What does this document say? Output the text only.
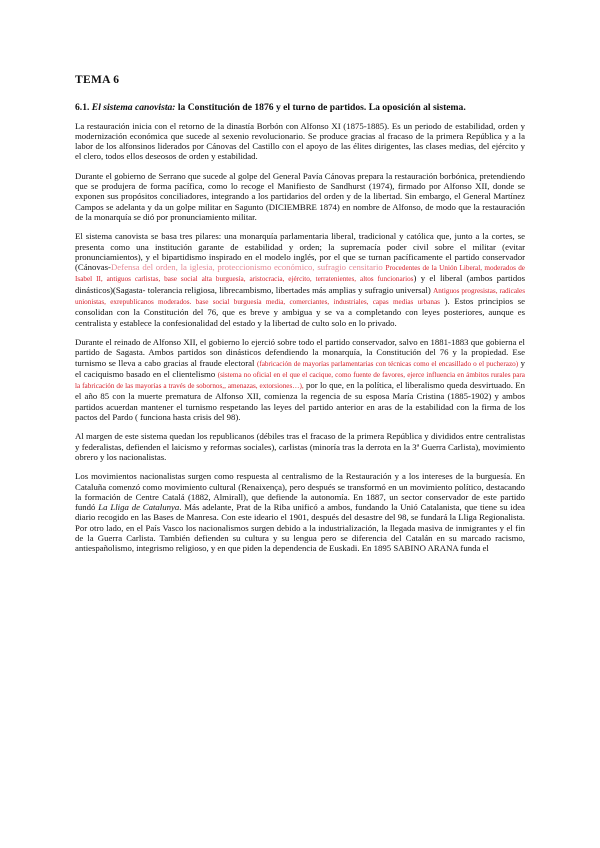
TEMA 6
6.1. El sistema canovista: la Constitución de 1876 y el turno de partidos. La oposición al sistema.

La restauración inicia con el retorno de la dinastía Borbón con Alfonso XI (1875-1885). Es un periodo de estabilidad, orden y modernización económica que sucede al sexenio revolucionario. Se produce gracias al fracaso de la primera República y a la labor de los alfonsinos liderados por Cánovas del Castillo con el apoyo de las élites dirigentes, las clases medias, del ejército y el clero, todos ellos deseosos de orden y estabilidad.

Durante el gobierno de Serrano que sucede al golpe del General Pavía Cánovas prepara la restauración borbónica, pretendiendo que se produjera de forma pacífica, como lo recoge el Manifiesto de Sandhurst (1974), firmado por Alfonso XII, donde se exponen sus propósitos conciliadores, integrando a los partidarios del orden y de la libertad. Sin embargo, el General Martínez Campos se adelanta y da un golpe militar en Sagunto (DICIEMBRE 1874) en nombre de Alfonso, de modo que la restauración de la monarquía se dió por pronunciamiento militar.

El sistema canovista se basa tres pilares: una monarquía parlamentaria liberal, tradicional y católica que, junto a la cortes, se presenta como una institución garante de estabilidad y orden; la supremacía poder civil sobre el militar (evitar pronunciamientos), y el bipartidismo inspirado en el modelo inglés, por el que se turnan pacíficamente el partido conservador (Cánovas-Defensa del orden, la iglesia, proteccionismo económico, sufragio censitario Procedentes de la Unión Liberal, moderados de Isabel II, antiguos carlistas, base social alta burguesía, aristocracia, ejército, terratenientes, altos funcionarios) y el liberal (ambos partidos dinásticos)(Sagasta- tolerancia religiosa, librecambismo, libertades más amplias y sufragio universal) Antiguos progresistas, radicales unionistas, exrepublicanos moderados. base social burguesía media, comerciantes, industriales, capas medias urbanas ). Estos principios se consolidan con la Constitución del 76, que es breve y ambigua y se va a completando con leyes posteriores, aunque es centralista y establece la confesionalidad del estado y la libertad de culto solo en lo privado.

Durante el reinado de Alfonso XII, el gobierno lo ejerció sobre todo el partido conservador, salvo en 1881-1883 que gobierna el partido de Sagasta. Ambos partidos son dinásticos defendiendo la monarquía, la Constitución del 76 y la propiedad. Ese turnismo se lleva a cabo gracias al fraude electoral (fabricación de mayorías parlamentarias con técnicas como el encasillado o el pucherazo) y el caciquismo basado en el clientelismo (sistema no oficial en el que el cacique, como fuente de favores, ejerce influencia en ámbitos rurales para la fabricación de las mayorías a través de sobornos,, amenazas, extorsiones…), por lo que, en la política, el liberalismo queda desvirtuado. En el año 85 con la muerte prematura de Alfonso XII, comienza la regencia de su esposa María Cristina (1885-1902) y ambos partidos acuerdan mantener el turnismo respetando las leyes del partido anterior en aras de la estabilidad con la firma de los pactos del Pardo ( funciona hasta crisis del 98).

Al margen de este sistema quedan los republicanos (débiles tras el fracaso de la primera República y divididos entre centralistas y federalistas, defienden el laicismo y reformas sociales), carlistas (minoría tras la derrota en la 3ª Guerra Carlista), movimiento obrero y los nacionalistas.

Los movimientos nacionalistas surgen como respuesta al centralismo de la Restauración y a los intereses de la burguesía. En Cataluña comenzó como movimiento cultural (Renaixença), pero después se transformó en un movimiento político, destacando la formación de Centre Catalá (1882, Almirall), que defiende la autonomía. En 1887, un sector conservador de este partido fundó La Lliga de Catalunya. Más adelante, Prat de la Riba unificó a ambos, fundando la Unió Catalanista, que tiene su idea diario recogido en las Bases de Manresa. Con este ideario el 1901, después del desastre del 98, se fundará la Lliga Regionalista. Por otro lado, en el País Vasco los nacionalismos surgen debido a la industrialización, la llegada masiva de inmigrantes y el fin de la Guerra Carlista. También defienden su cultura y su lengua pero se diferencia del Catalán en su marcado racismo, antiespañolismo, integrismo religioso, y en que piden la dependencia de Euskadi. En 1895 SABINO ARANA funda el
